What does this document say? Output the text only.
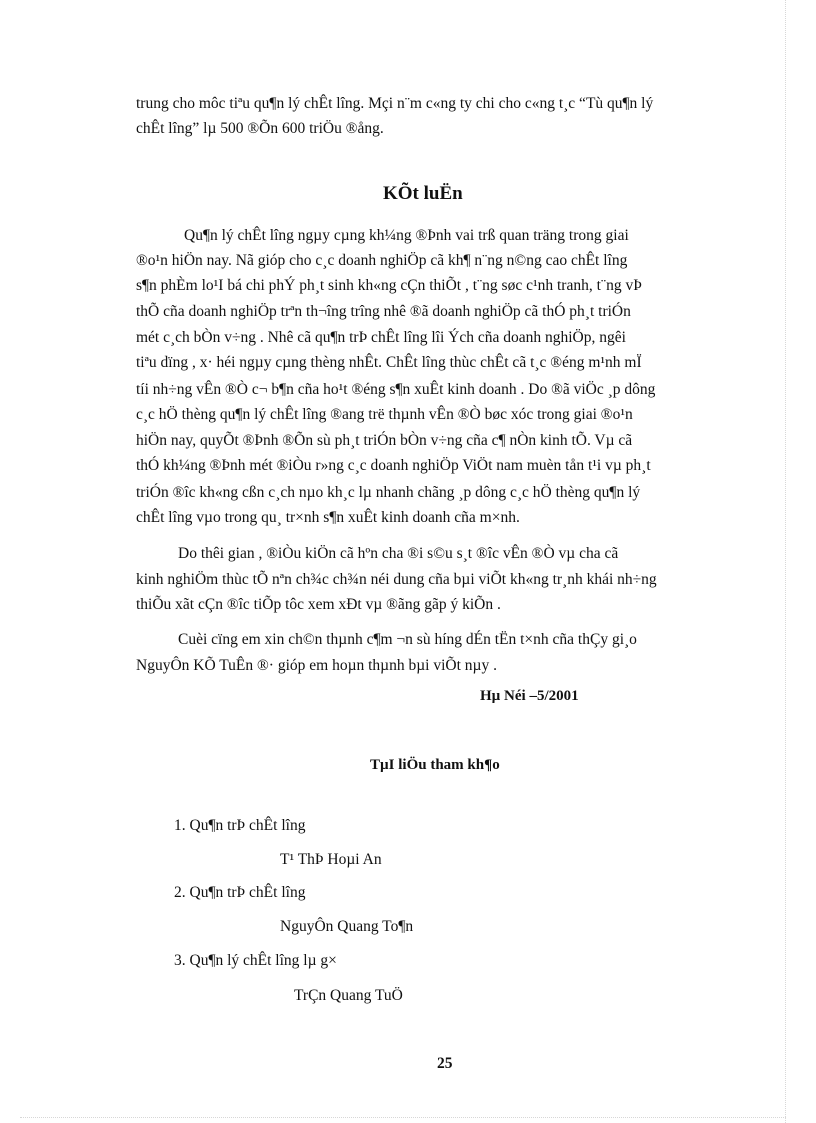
trung cho môc tiªu qu¶n lý chÊt lîng. Mçi n¨m c«ng ty chi cho c«ng t¸c “Tù qu¶n lý
chÊt lîng” lµ 500 ®Õn 600 triÖu ®ång.
KÕt luËn
Qu¶n lý chÊt lîng ngµy cµng kh¼ng ®Þnh vai trß quan träng trong giai
®o¹n hiÖn nay. Nã gióp cho c¸c doanh nghiÖp cã kh¶ n¨ng n©ng cao chÊt lîng
s¶n phÈm lo¹I bá chi phÝ ph¸t sinh kh«ng cÇn thiÕt , t¨ng søc c¹nh tranh, t¨ng vÞ
thÕ cña doanh nghiÖp trªn th¬îng trîng nhê ®ã doanh nghiÖp cã thÓ ph¸t triÓn
mét c¸ch bÒn v÷ng . Nhê cã qu¶n trÞ chÊt lîng lîi Ých cña doanh nghiÖp, ngêi
tiªu dïng , x· héi ngµy cµng thèng nhÊt. ChÊt lîng thùc chÊt cã t¸c ®éng m¹nh mÏ
tíi nh÷ng vÊn ®Ò c¬ b¶n cña ho¹t ®éng s¶n xuÊt kinh doanh . Do ®ã viÖc ¸p dông
c¸c hÖ thèng qu¶n lý chÊt lîng ®ang trë thµnh vÊn ®Ò bøc xóc trong giai ®o¹n
hiÖn nay, quyÕt ®Þnh ®Õn sù ph¸t triÓn bÒn v÷ng cña c¶ nÒn kinh tÕ. Vµ cã
thÓ kh¼ng ®Þnh mét ®iÒu r»ng c¸c doanh nghiÖp ViÖt nam muèn tån t¹i vµ ph¸t
triÓn ®îc kh«ng cßn c¸ch nµo kh¸c lµ nhanh chãng ¸p dông c¸c hÖ thèng qu¶n lý
chÊt lîng vµo trong qu¸ tr×nh s¶n xuÊt kinh doanh cña m×nh.
Do thêi gian , ®iÒu kiÖn cã hºn cha ®i s©u s¸t ®îc vÊn ®Ò vµ cha cã
kinh nghiÖm thùc tÕ nªn ch¾c ch¾n néi dung cña bµi viÕt kh«ng tr¸nh khái nh÷ng
thiÕu xãt cÇn ®îc tiÕp tôc xem xÐt vµ ®ãng gãp ý kiÕn .
Cuèi cïng em xin ch©n thµnh c¶m ¬n sù híng dÉn tËn t×nh cña thÇy gi¸o
NguyÔn KÕ TuÊn ®· gióp em hoµn thµnh bµi viÕt nµy .
Hµ Néi –5/2001
TµI liÖu tham kh¶o
1. Qu¶n trÞ chÊt lîng
T¹ ThÞ Hoµi An
2. Qu¶n trÞ chÊt lîng
NguyÔn Quang To¶n
3. Qu¶n lý chÊt lîng lµ g×
TrÇn Quang TuÖ
25
